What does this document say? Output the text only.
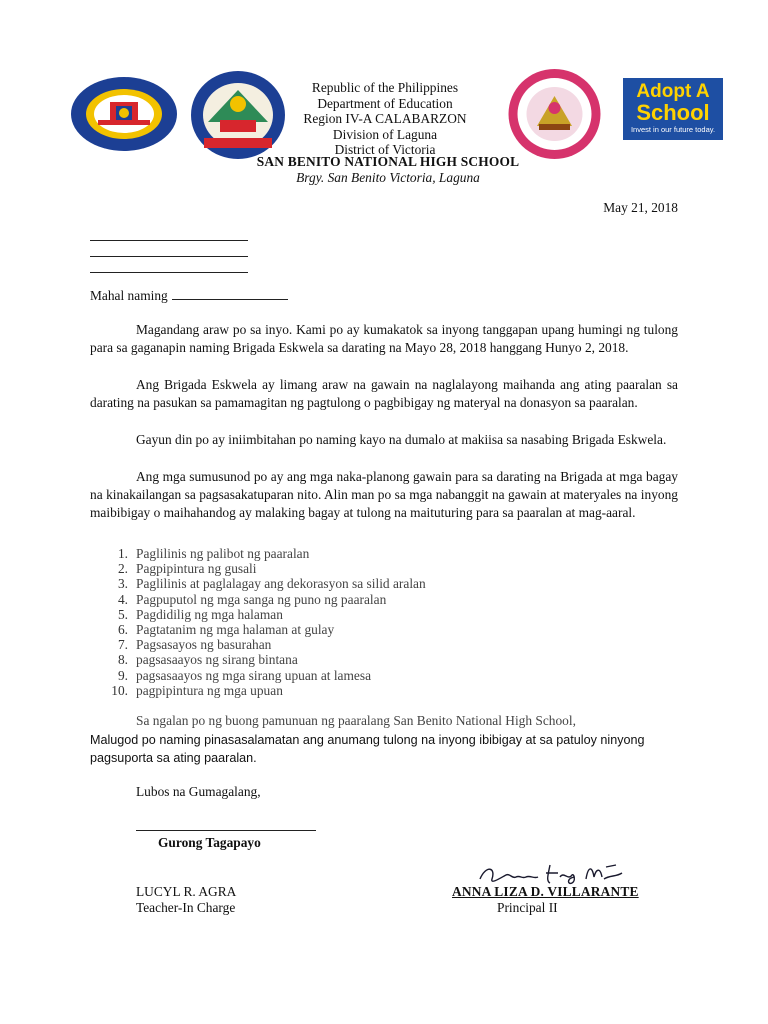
Adopt A
School
Invest in our future today.
Republic of the Philippines
Department of Education
Region IV-A CALABARZON
Division of Laguna
District of Victoria
SAN BENITO NATIONAL HIGH SCHOOL
Brgy. San Benito Victoria, Laguna
May 21, 2018
Mahal naming

Magandang araw po sa inyo. Kami po ay kumakatok sa inyong tanggapan upang humingi ng tulong para sa gaganapin naming Brigada Eskwela sa darating na Mayo 28, 2018 hanggang Hunyo 2, 2018.

Ang Brigada Eskwela ay limang araw na gawain na naglalayong maihanda ang ating paaralan sa darating na pasukan sa pamamagitan ng pagtulong o pagbibigay ng materyal na donasyon sa paaralan.

Gayun din po ay iniimbitahan po naming kayo na dumalo at makiisa sa nasabing Brigada Eskwela.

Ang mga sumusunod po ay ang mga naka-planong gawain para sa darating na Brigada at mga bagay na kinakailangan sa pagsasakatuparan nito. Alin man po sa mga nabanggit na gawain at materyales na inyong maibibigay o maihahandog ay malaking bagay at tulong na maituturing para sa paaralan at mag-aaral.

1. Paglilinis ng palibot ng paaralan
2. Pagpipintura ng gusali
3. Paglilinis at paglalagay ang dekorasyon sa silid aralan
4. Pagpuputol ng mga sanga ng puno ng paaralan
5. Pagdidilig ng mga halaman
6. Pagtatanim ng mga halaman at gulay
7. Pagsasayos ng basurahan
8. pagsasaayos ng sirang bintana
9. pagsasaayos ng mga sirang upuan at lamesa
10. pagpipintura ng mga upuan
Sa ngalan po ng buong pamunuan ng paaralang San Benito National High School,
Malugod po naming pinasasalamatan ang anumang tulong na inyong ibibigay at sa patuloy ninyong pagsuporta sa ating paaralan.
Lubos na Gumagalang,
Gurong Tagapayo
LUCYL R. AGRA
Teacher-In Charge
ANNA LIZA D. VILLARANTE
Principal II
